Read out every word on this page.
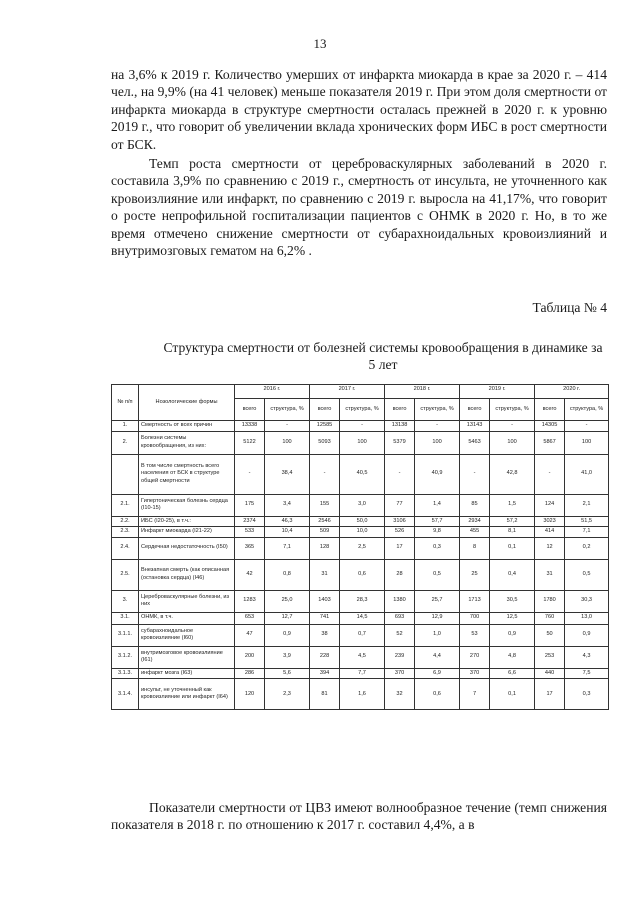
13

на 3,6% к 2019 г. Количество умерших от инфаркта миокарда в крае за 2020 г. – 414 чел., на 9,9% (на 41 человек) меньше показателя 2019 г. При этом доля смертности от инфаркта миокарда в структуре смертности осталась прежней в 2020 г. к уровню 2019 г., что говорит об увеличении вклада хронических форм ИБС в рост смертности от БСК.

Темп роста смертности от цереброваскулярных заболеваний в 2020 г. составила 3,9% по сравнению с 2019 г., смертность от инсульта, не уточненного как кровоизлияние или инфаркт, по сравнению с 2019 г. выросла на 41,17%, что говорит о росте непрофильной госпитализации пациентов с ОНМК в 2020 г. Но, в то же время отмечено снижение смертности от субарахноидальных кровоизлияний и внутримозговых гематом на 6,2% .

Таблица № 4

Структура смертности от болезней системы кровообращения в динамике за 5 лет

№ п/п	Нозологические формы	2016 г.		2017 г.		2018 г.		2019 г.		2020 г.	
		всего	структура, %	всего	структура, %	всего	структура, %	всего	структура, %	всего	структура, %
1.	Смертность от всех причин	13338	-	12585	-	13138	-	13143	-	14305	-
2.	Болезни системы кровообращения, из них:	5122	100	5093	100	5379	100	5463	100	5867	100
	В том числе смертность всего населения от БСК в структуре общей смертности	-	38,4	-	40,5	-	40,9	-	42,8	-	41,0
2.1.	Гипертоническая болезнь сердца (I10-15)	175	3,4	155	3,0	77	1,4	85	1,5	124	2,1
2.2.	ИБС (I20-25), в т.ч.:	2374	46,3	2546	50,0	3106	57,7	2934	57,2	3023	51,5
2.3.	Инфаркт миокарда (I21-22)	533	10,4	509	10,0	526	9,8	455	8,1	414	7,1
2.4.	Сердечная недостаточность (I50)	365	7,1	128	2,5	17	0,3	8	0,1	12	0,2
2.5.	Внезапная смерть (как описанная (остановка сердца) (I46)	42	0,8	31	0,6	28	0,5	25	0,4	31	0,5
3.	Цереброваскулярные болезни, из них	1283	25,0	1403	28,3	1380	25,7	1713	30,5	1780	30,3
3.1.	ОНМК, в т.ч.	653	12,7	741	14,5	693	12,9	700	12,5	760	13,0
3.1.1.	субарахноидальное кровоизлияние (I60)	47	0,9	38	0,7	52	1,0	53	0,9	50	0,9
3.1.2.	внутримозговое кровоизлияние (I61)	200	3,9	228	4,5	239	4,4	270	4,8	253	4,3
3.1.3.	инфаркт мозга (I63)	286	5,6	394	7,7	370	6,9	370	6,6	440	7,5
3.1.4.	инсульт, не уточненный как кровоизлияние или инфаркт (I64)	120	2,3	81	1,6	32	0,6	7	0,1	17	0,3

Показатели смертности от ЦВЗ имеют волнообразное течение (темп снижения показателя в 2018 г. по отношению к 2017 г. составил 4,4%, а в
